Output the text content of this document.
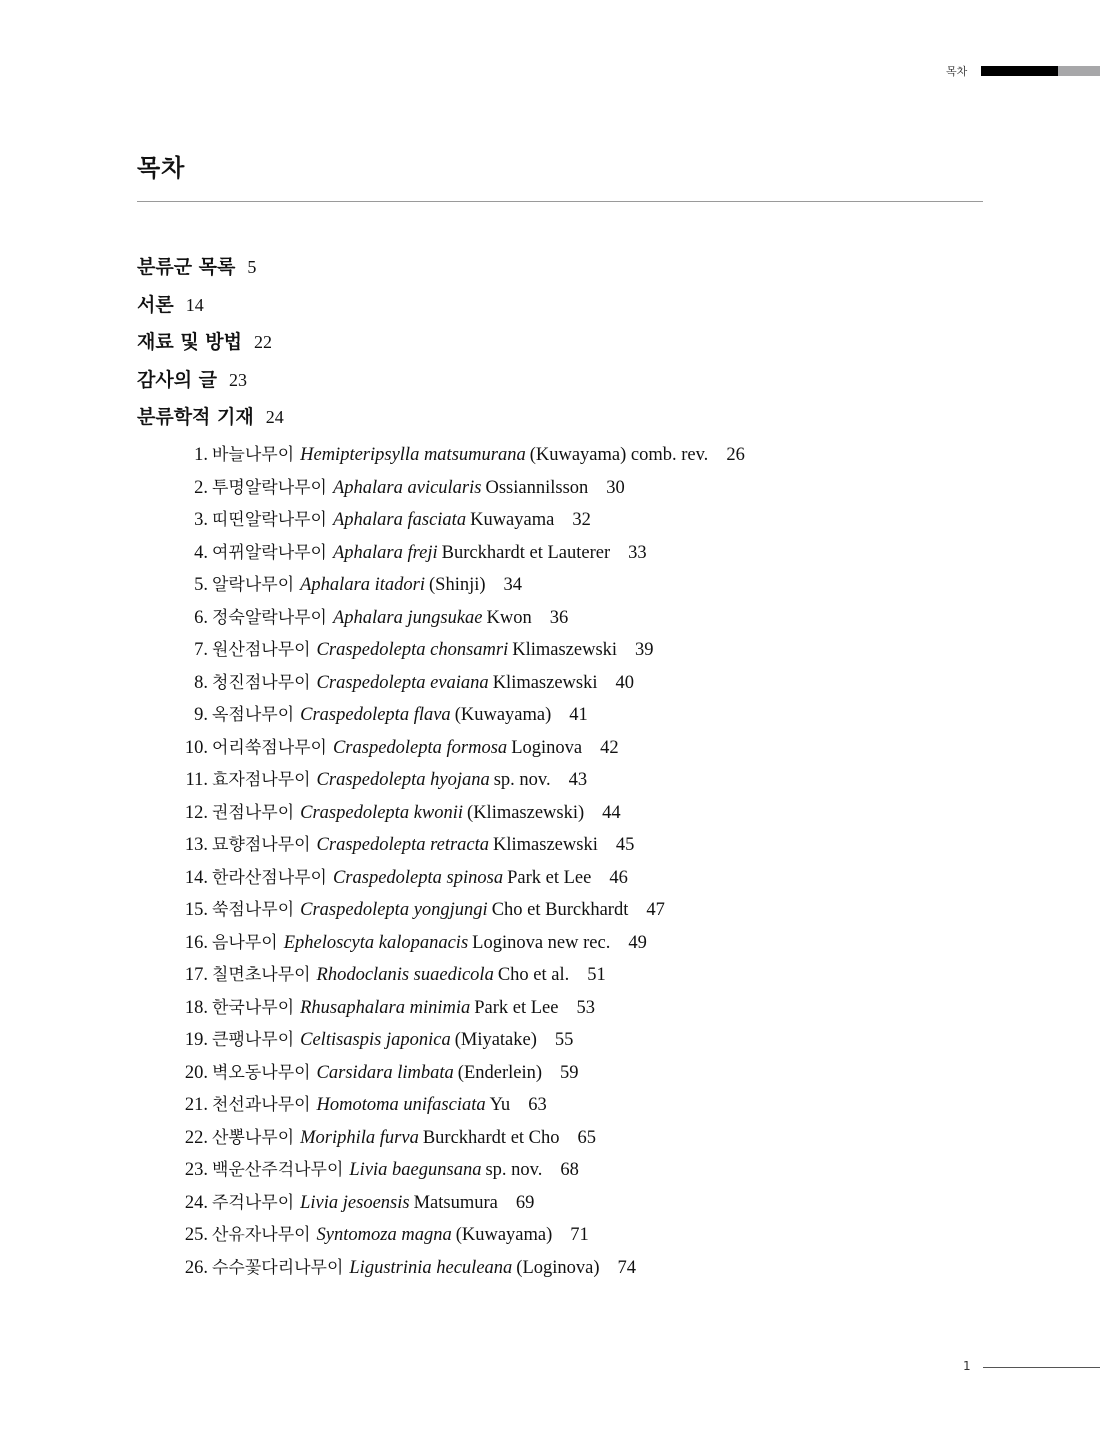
목차
목차
분류군 목록 5
서론 14
재료 및 방법 22
감사의 글 23
분류학적 기재 24
1. 바늘나무이 Hemipteripsylla matsumurana (Kuwayama) comb. rev. 26
2. 투명알락나무이 Aphalara avicularis Ossiannilsson 30
3. 띠띤알락나무이 Aphalara fasciata Kuwayama 32
4. 여뀌알락나무이 Aphalara freji Burckhardt et Lauterer 33
5. 알락나무이 Aphalara itadori (Shinji) 34
6. 정숙알락나무이 Aphalara jungsukae Kwon 36
7. 원산점나무이 Craspedolepta chonsamri Klimaszewski 39
8. 청진점나무이 Craspedolepta evaiana Klimaszewski 40
9. 옥점나무이 Craspedolepta flava (Kuwayama) 41
10. 어리쑥점나무이 Craspedolepta formosa Loginova 42
11. 효자점나무이 Craspedolepta hyojana sp. nov. 43
12. 권점나무이 Craspedolepta kwonii (Klimaszewski) 44
13. 묘향점나무이 Craspedolepta retracta Klimaszewski 45
14. 한라산점나무이 Craspedolepta spinosa Park et Lee 46
15. 쑥점나무이 Craspedolepta yongjungi Cho et Burckhardt 47
16. 음나무이 Epheloscyta kalopanacis Loginova new rec. 49
17. 칠면초나무이 Rhodoclanis suaedicola Cho et al. 51
18. 한국나무이 Rhusaphalara minimia Park et Lee 53
19. 큰팽나무이 Celtisaspis japonica (Miyatake) 55
20. 벽오동나무이 Carsidara limbata (Enderlein) 59
21. 천선과나무이 Homotoma unifasciata Yu 63
22. 산뽕나무이 Moriphila furva Burckhardt et Cho 65
23. 백운산주걱나무이 Livia baegunsana sp. nov. 68
24. 주걱나무이 Livia jesoensis Matsumura 69
25. 산유자나무이 Syntomoza magna (Kuwayama) 71
26. 수수꽃다리나무이 Ligustrinia heculeana (Loginova) 74
1
